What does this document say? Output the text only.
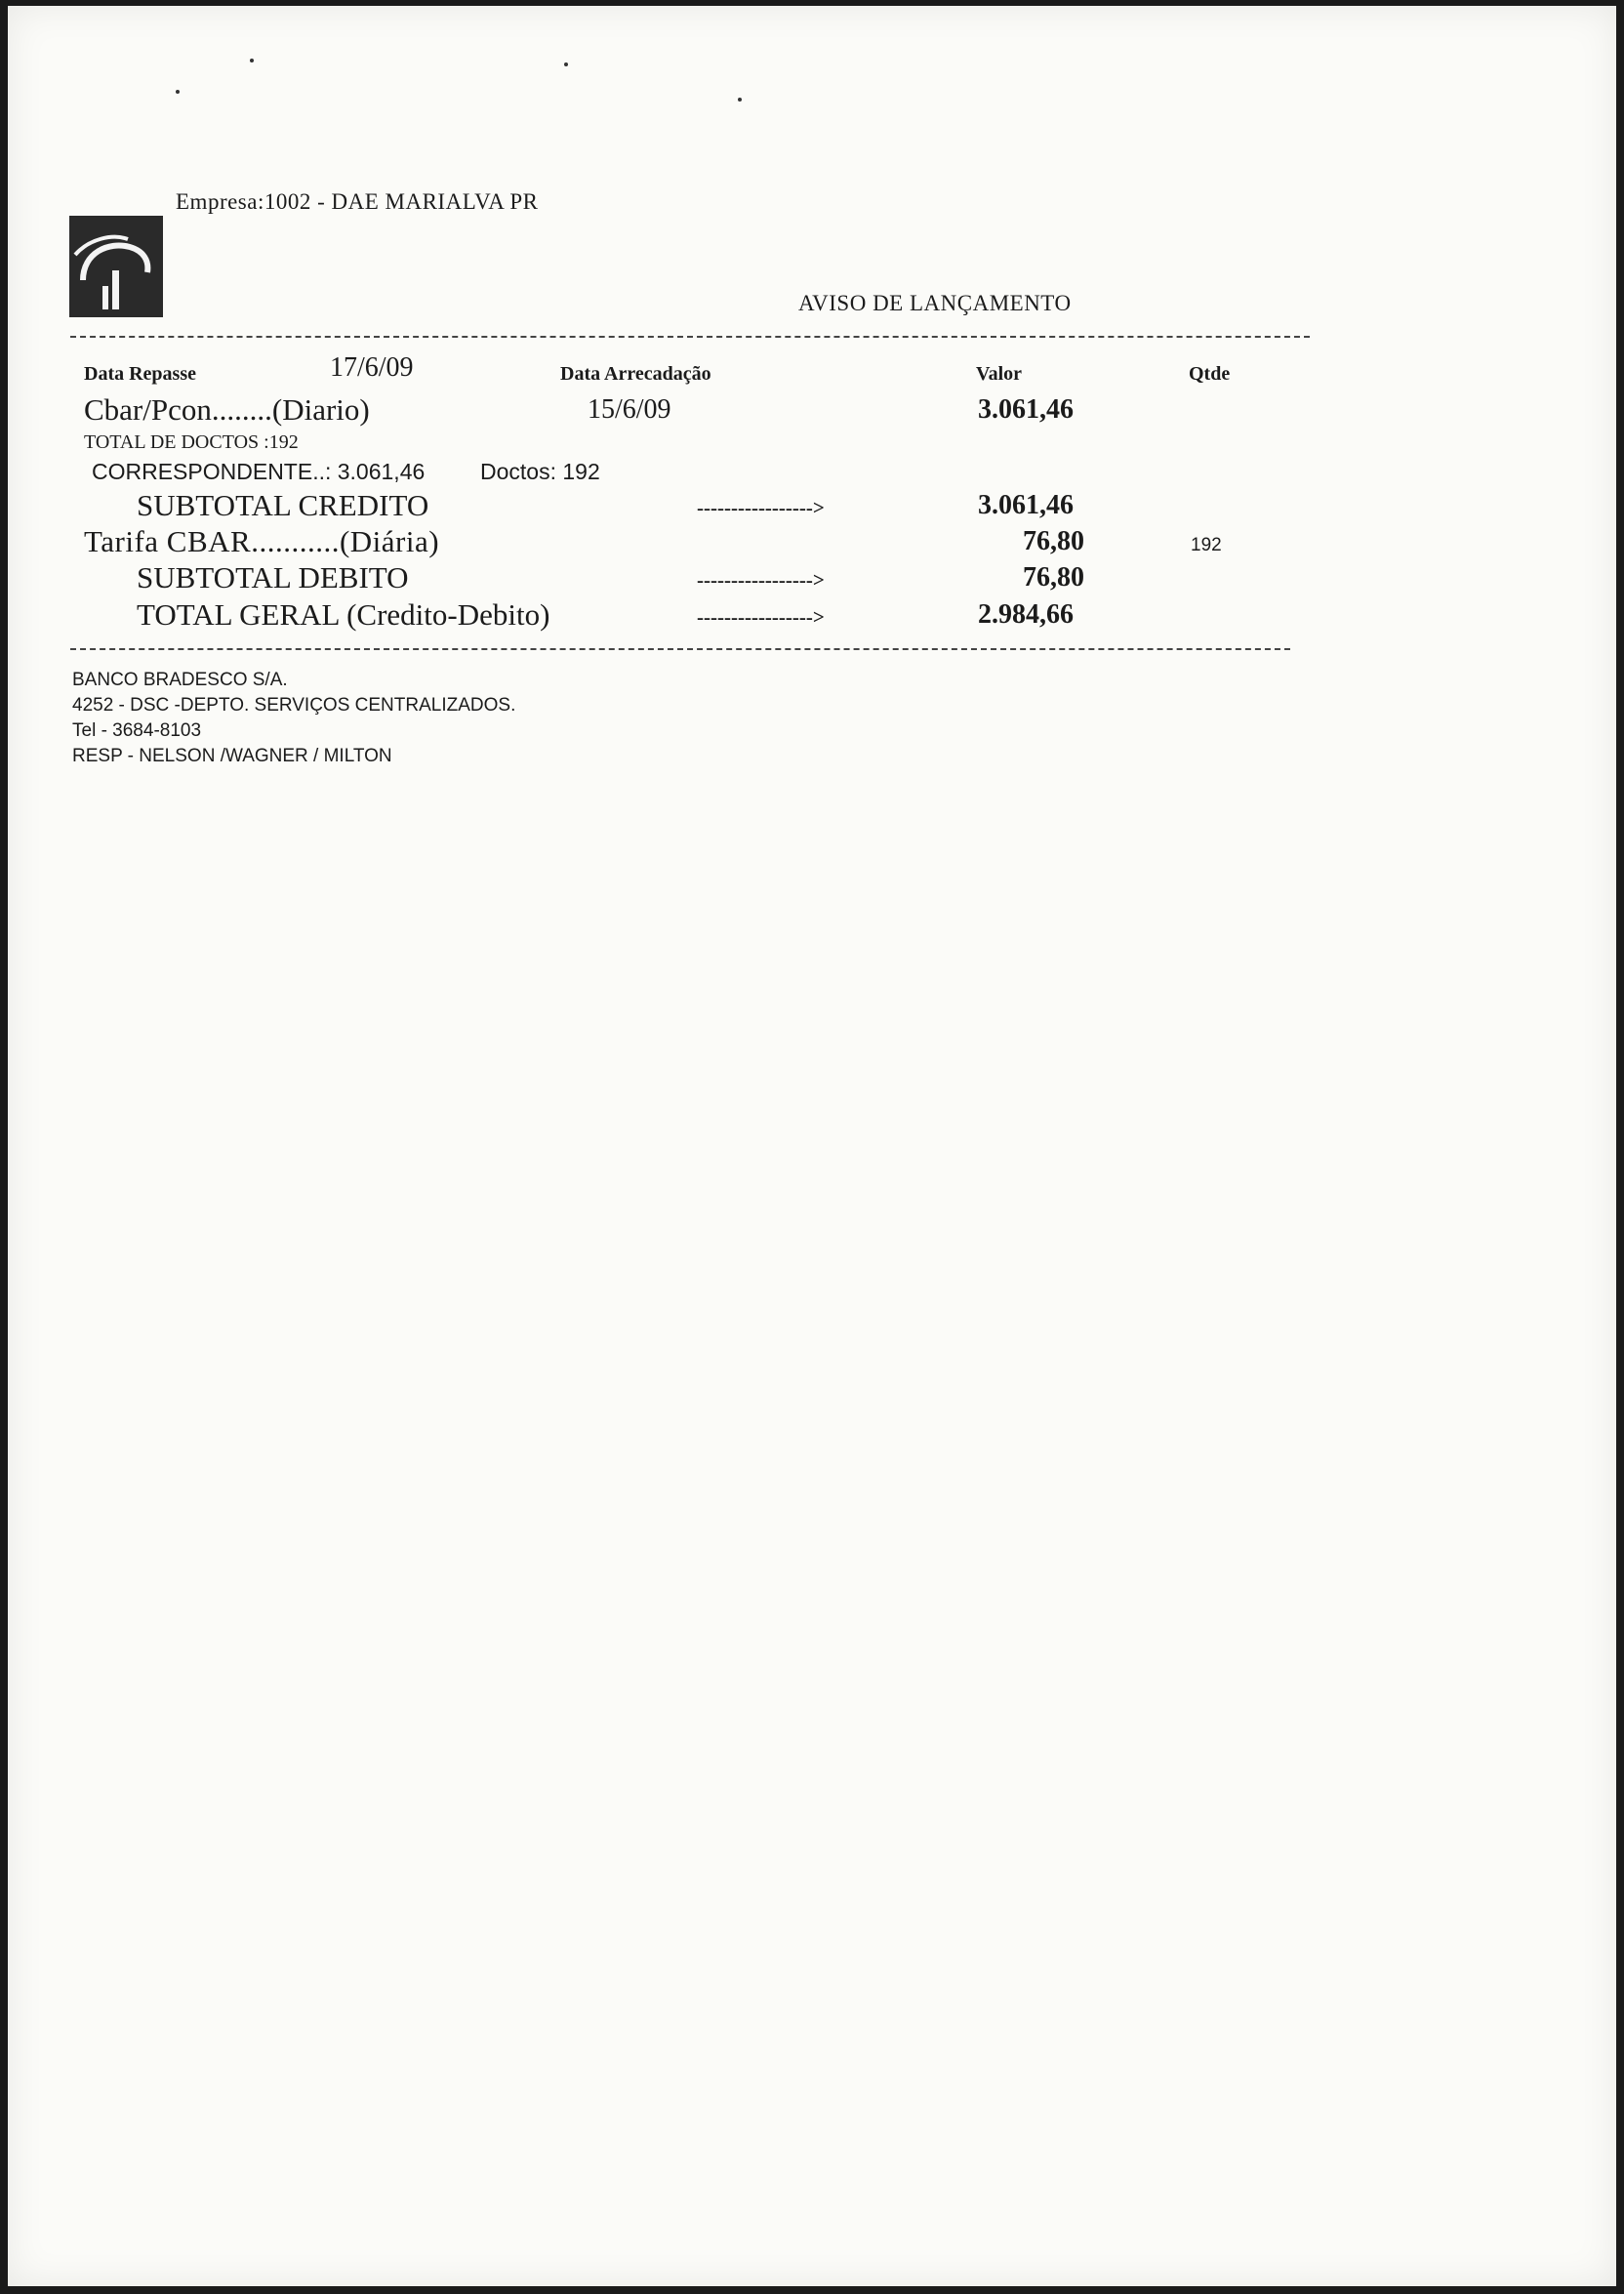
Empresa:1002 - DAE MARIALVA PR
AVISO DE LANÇAMENTO
Data Repasse	17/6/09	Data Arrecadação	Valor	Qtde
Cbar/Pcon........(Diario)	15/6/09	3.061,46
TOTAL DE DOCTOS :192
CORRESPONDENTE..: 3.061,46 Doctos: 192
SUBTOTAL CREDITO	----------------->	3.061,46
Tarifa CBAR...........(Diária)	76,80	192
SUBTOTAL DEBITO	----------------->	76,80
TOTAL GERAL (Credito-Debito)	----------------->	2.984,66
BANCO BRADESCO S/A.
4252 - DSC -DEPTO. SERVIÇOS CENTRALIZADOS.
Tel - 3684-8103
RESP - NELSON /WAGNER / MILTON
